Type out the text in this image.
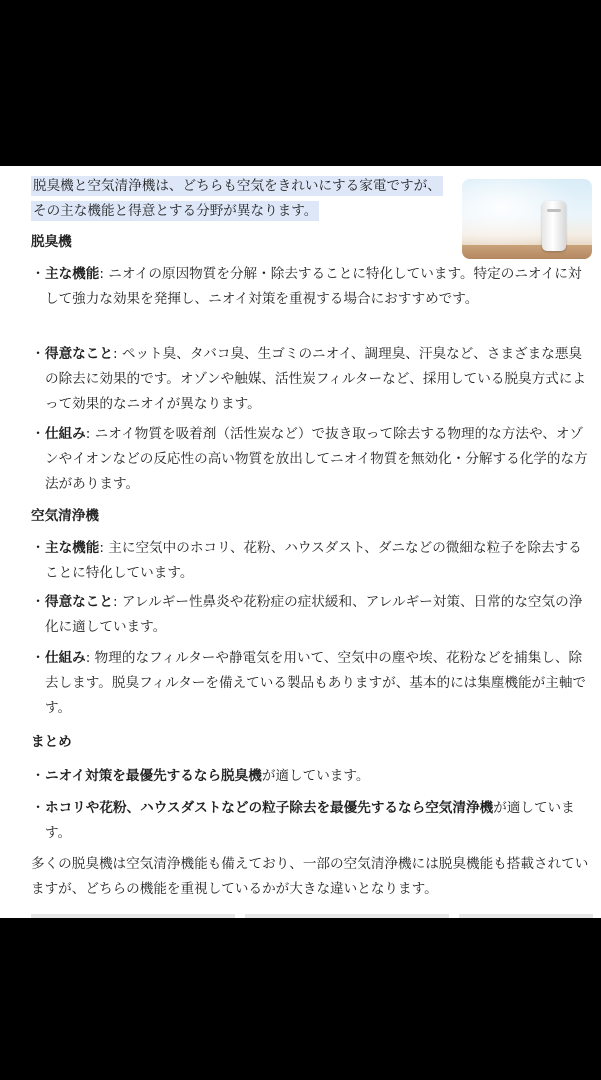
脱臭機と空気清浄機は、どちらも空気をきれいにする家電ですが、その主な機能と得意とする分野が異なります。

脱臭機
・ 主な機能: ニオイの原因物質を分解・除去することに特化しています。特定のニオイに対して強力な効果を発揮し、ニオイ対策を重視する場合におすすめです。
・ 得意なこと: ペット臭、タバコ臭、生ゴミのニオイ、調理臭、汗臭など、さまざまな悪臭の除去に効果的です。オゾンや触媒、活性炭フィルターなど、採用している脱臭方式によって効果的なニオイが異なります。
・ 仕組み: ニオイ物質を吸着剤（活性炭など）で抜き取って除去する物理的な方法や、オゾンやイオンなどの反応性の高い物質を放出してニオイ物質を無効化・分解する化学的な方法があります。
空気清浄機
・ 主な機能: 主に空気中のホコリ、花粉、ハウスダスト、ダニなどの微細な粒子を除去することに特化しています。
・ 得意なこと: アレルギー性鼻炎や花粉症の症状緩和、アレルギー対策、日常的な空気の浄化に適しています。
・ 仕組み: 物理的なフィルターや静電気を用いて、空気中の塵や埃、花粉などを捕集し、除去します。脱臭フィルターを備えている製品もありますが、基本的には集塵機能が主軸です。
まとめ
・ ニオイ対策を最優先するなら脱臭機が適しています。
・ ホコリや花粉、ハウスダストなどの粒子除去を最優先するなら空気清浄機が適しています。

多くの脱臭機は空気清浄機能も備えており、一部の空気清浄機には脱臭機能も搭載されていますが、どちらの機能を重視しているかが大きな違いとなります。
